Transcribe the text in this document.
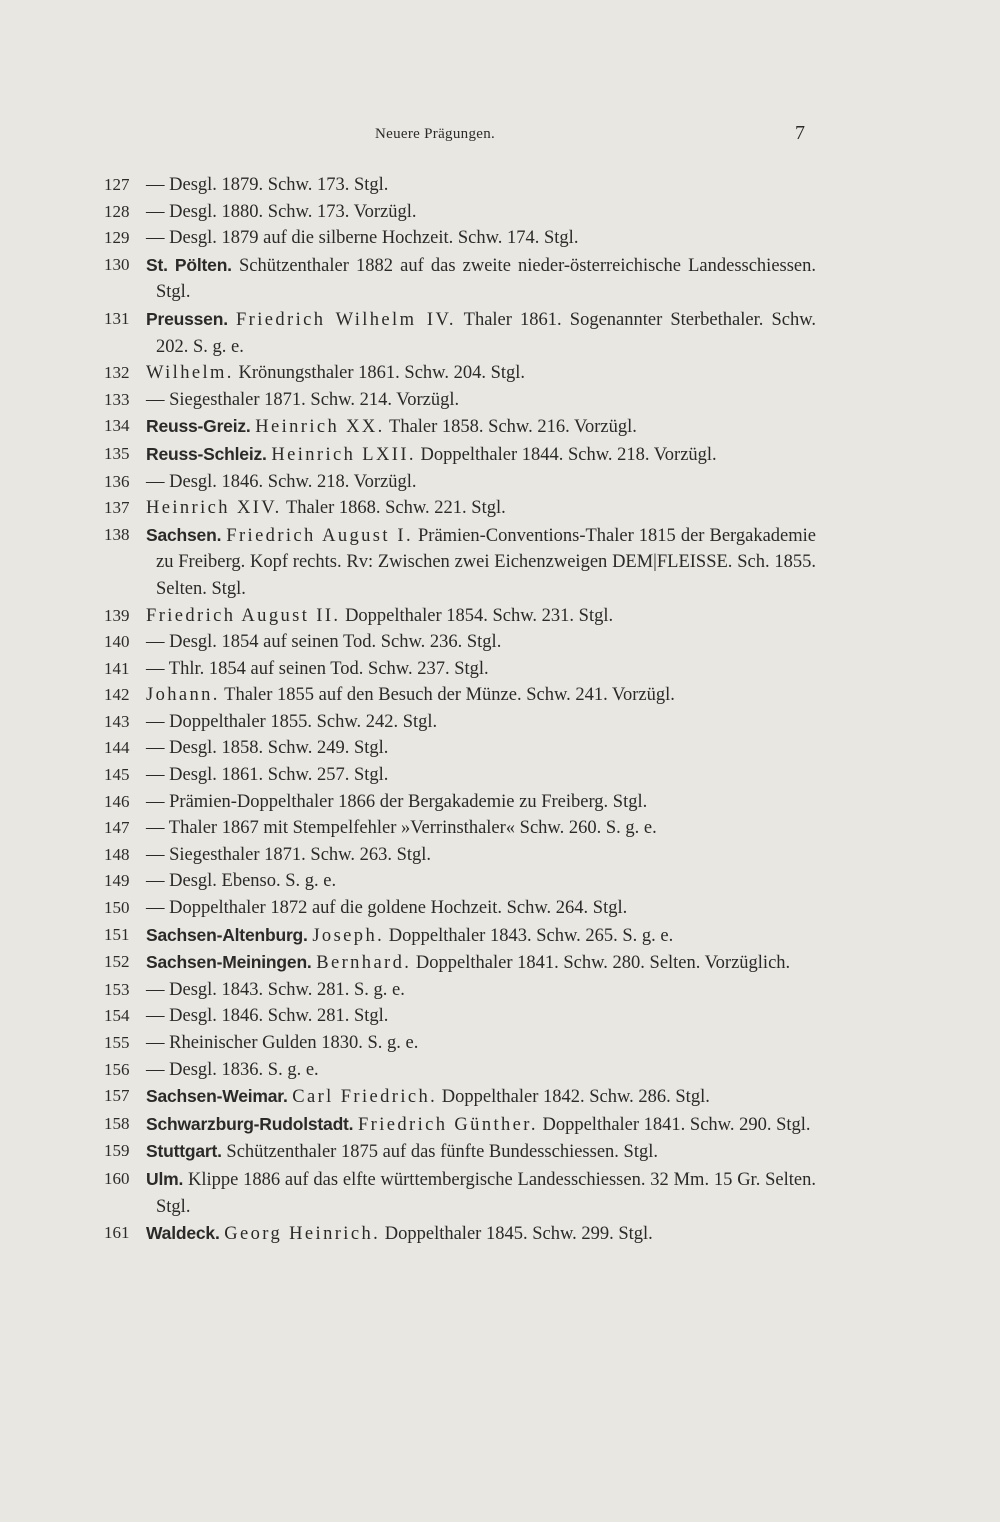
Neuere Prägungen.	7
127 — Desgl. 1879. Schw. 173. Stgl.
128 — Desgl. 1880. Schw. 173. Vorzügl.
129 — Desgl. 1879 auf die silberne Hochzeit. Schw. 174. Stgl.
130 St. Pölten. Schützenthaler 1882 auf das zweite nieder-österreichische Landesschiessen. Stgl.
131 Preussen. Friedrich Wilhelm IV. Thaler 1861. Sogenannter Sterbethaler. Schw. 202. S. g. e.
132 Wilhelm. Krönungsthaler 1861. Schw. 204. Stgl.
133 — Siegesthaler 1871. Schw. 214. Vorzügl.
134 Reuss-Greiz. Heinrich XX. Thaler 1858. Schw. 216. Vorzügl.
135 Reuss-Schleiz. Heinrich LXII. Doppelthaler 1844. Schw. 218. Vorzügl.
136 — Desgl. 1846. Schw. 218. Vorzügl.
137 Heinrich XIV. Thaler 1868. Schw. 221. Stgl.
138 Sachsen. Friedrich August I. Prämien-Conventions-Thaler 1815 der Bergakademie zu Freiberg. Kopf rechts. Rv: Zwischen zwei Eichenzweigen DEM|FLEISSE. Sch. 1855. Selten. Stgl.
139 Friedrich August II. Doppelthaler 1854. Schw. 231. Stgl.
140 — Desgl. 1854 auf seinen Tod. Schw. 236. Stgl.
141 — Thlr. 1854 auf seinen Tod. Schw. 237. Stgl.
142 Johann. Thaler 1855 auf den Besuch der Münze. Schw. 241. Vorzügl.
143 — Doppelthaler 1855. Schw. 242. Stgl.
144 — Desgl. 1858. Schw. 249. Stgl.
145 — Desgl. 1861. Schw. 257. Stgl.
146 — Prämien-Doppelthaler 1866 der Bergakademie zu Freiberg. Stgl.
147 — Thaler 1867 mit Stempelfehler »Verrinsthaler« Schw. 260. S. g. e.
148 — Siegesthaler 1871. Schw. 263. Stgl.
149 — Desgl. Ebenso. S. g. e.
150 — Doppelthaler 1872 auf die goldene Hochzeit. Schw. 264. Stgl.
151 Sachsen-Altenburg. Joseph. Doppelthaler 1843. Schw. 265. S. g. e.
152 Sachsen-Meiningen. Bernhard. Doppelthaler 1841. Schw. 280. Selten. Vorzüglich.
153 — Desgl. 1843. Schw. 281. S. g. e.
154 — Desgl. 1846. Schw. 281. Stgl.
155 — Rheinischer Gulden 1830. S. g. e.
156 — Desgl. 1836. S. g. e.
157 Sachsen-Weimar. Carl Friedrich. Doppelthaler 1842. Schw. 286. Stgl.
158 Schwarzburg-Rudolstadt. Friedrich Günther. Doppelthaler 1841. Schw. 290. Stgl.
159 Stuttgart. Schützenthaler 1875 auf das fünfte Bundesschiessen. Stgl.
160 Ulm. Klippe 1886 auf das elfte württembergische Landesschiessen. 32 Mm. 15 Gr. Selten. Stgl.
161 Waldeck. Georg Heinrich. Doppelthaler 1845. Schw. 299. Stgl.
